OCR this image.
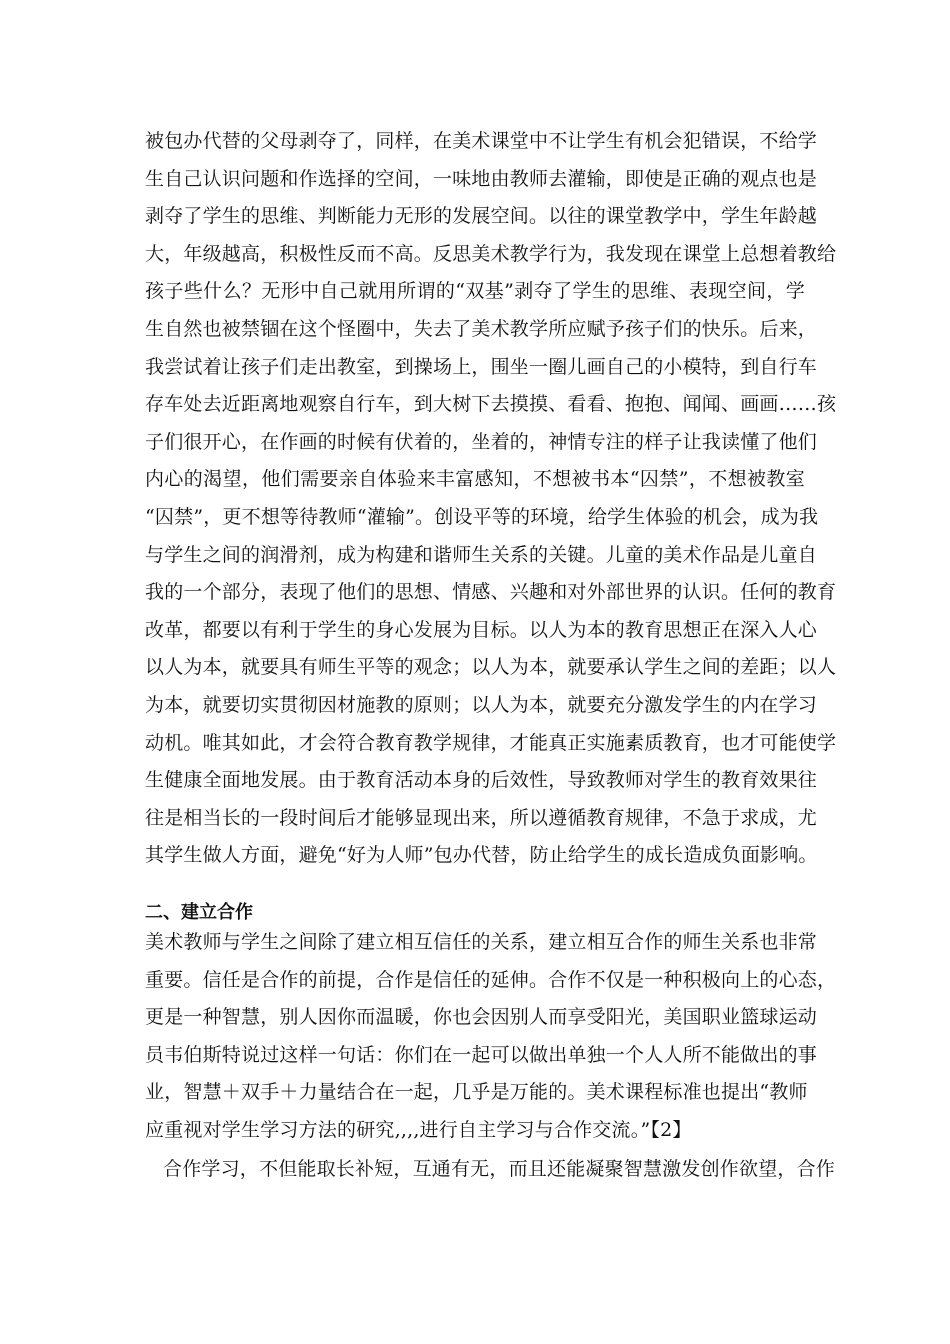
被包办代替的父母剥夺了，同样，在美术课堂中不让学生有机会犯错误，不给学
生自己认识问题和作选择的空间，一味地由教师去灌输，即使是正确的观点也是
剥夺了学生的思维、判断能力无形的发展空间。以往的课堂教学中，学生年龄越
大，年级越高，积极性反而不高。反思美术教学行为，我发现在课堂上总想着教给
孩子些什么？无形中自己就用所谓的“双基”剥夺了学生的思维、表现空间，学
生自然也被禁锢在这个怪圈中，失去了美术教学所应赋予孩子们的快乐。后来，
我尝试着让孩子们走出教室，到操场上，围坐一圈儿画自己的小模特，到自行车
存车处去近距离地观察自行车，到大树下去摸摸、看看、抱抱、闻闻、画画……孩
子们很开心，在作画的时候有伏着的，坐着的，神情专注的样子让我读懂了他们
内心的渴望，他们需要亲自体验来丰富感知，不想被书本“囚禁”，不想被教室
“囚禁”，更不想等待教师“灌输”。创设平等的环境，给学生体验的机会，成为我
与学生之间的润滑剂，成为构建和谐师生关系的关键。儿童的美术作品是儿童自
我的一个部分，表现了他们的思想、情感、兴趣和对外部世界的认识。任何的教育
改革，都要以有利于学生的身心发展为目标。以人为本的教育思想正在深入人心
以人为本，就要具有师生平等的观念；以人为本，就要承认学生之间的差距；以人
为本，就要切实贯彻因材施教的原则；以人为本，就要充分激发学生的内在学习
动机。唯其如此，才会符合教育教学规律，才能真正实施素质教育，也才可能使学
生健康全面地发展。由于教育活动本身的后效性，导致教师对学生的教育效果往
往是相当长的一段时间后才能够显现出来，所以遵循教育规律，不急于求成，尤
其学生做人方面，避免“好为人师”包办代替，防止给学生的成长造成负面影响。
二、建立合作
美术教师与学生之间除了建立相互信任的关系，建立相互合作的师生关系也非常
重要。信任是合作的前提，合作是信任的延伸。合作不仅是一种积极向上的心态，
更是一种智慧，别人因你而温暖，你也会因别人而享受阳光，美国职业篮球运动
员韦伯斯特说过这样一句话：你们在一起可以做出单独一个人人所不能做出的事
业，智慧＋双手＋力量结合在一起，几乎是万能的。美术课程标准也提出“教师
应重视对学生学习方法的研究,,,,进行自主学习与合作交流。”【2】
合作学习，不但能取长补短，互通有无，而且还能凝聚智慧激发创作欲望，合作
